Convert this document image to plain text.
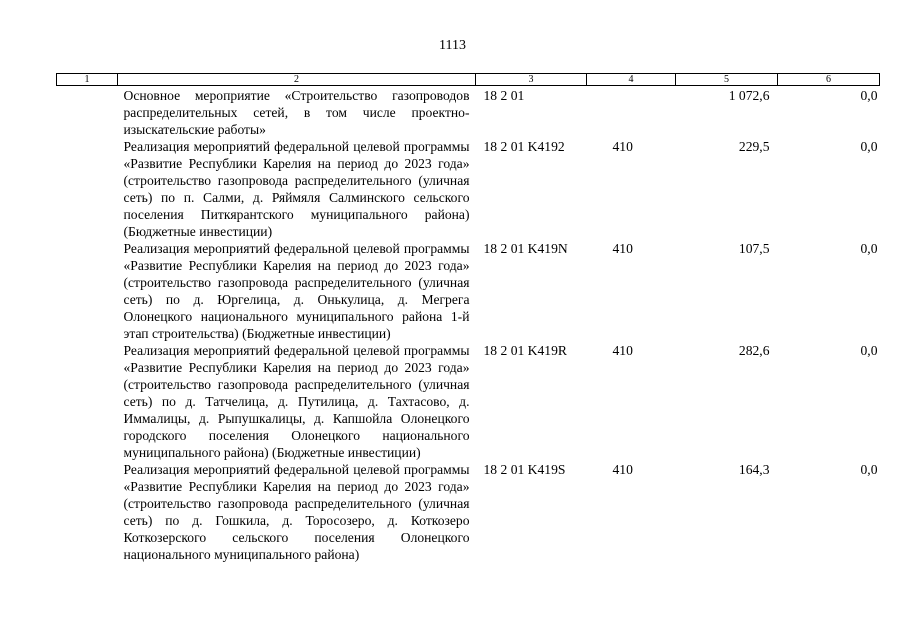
1113
1	2	3	4	5	6
	Основное мероприятие «Строительство газопроводов распределительных сетей, в том числе проектно-изыскательские работы»	18 2 01		1 072,6	0,0
	Реализация мероприятий федеральной целевой программы «Развитие Республики Карелия на период до 2023 года» (строительство газопровода распределительного (уличная сеть) по п. Салми, д. Ряймяля Салминского сельского поселения Питкярантского муниципального района) (Бюджетные инвестиции)	18 2 01 K4192	410	229,5	0,0
	Реализация мероприятий федеральной целевой программы «Развитие Республики Карелия на период до 2023 года» (строительство газопровода распределительного (уличная сеть) по д. Юргелица, д. Онькулица, д. Мегрега Олонецкого национального муниципального района 1-й этап строительства) (Бюджетные инвестиции)	18 2 01 K419N	410	107,5	0,0
	Реализация мероприятий федеральной целевой программы «Развитие Республики Карелия на период до 2023 года» (строительство газопровода распределительного (уличная сеть) по д. Татчелица, д. Путилица, д. Тахтасово, д. Иммалицы, д. Рыпушкалицы, д. Капшойла Олонецкого городского поселения Олонецкого национального муниципального района) (Бюджетные инвестиции)	18 2 01 K419R	410	282,6	0,0
	Реализация мероприятий федеральной целевой программы «Развитие Республики Карелия на период до 2023 года» (строительство газопровода распределительного (уличная сеть) по д. Гошкила, д. Торосозеро, д. Коткозеро Коткозерского сельского поселения Олонецкого национального муниципального района)	18 2 01 K419S	410	164,3	0,0
